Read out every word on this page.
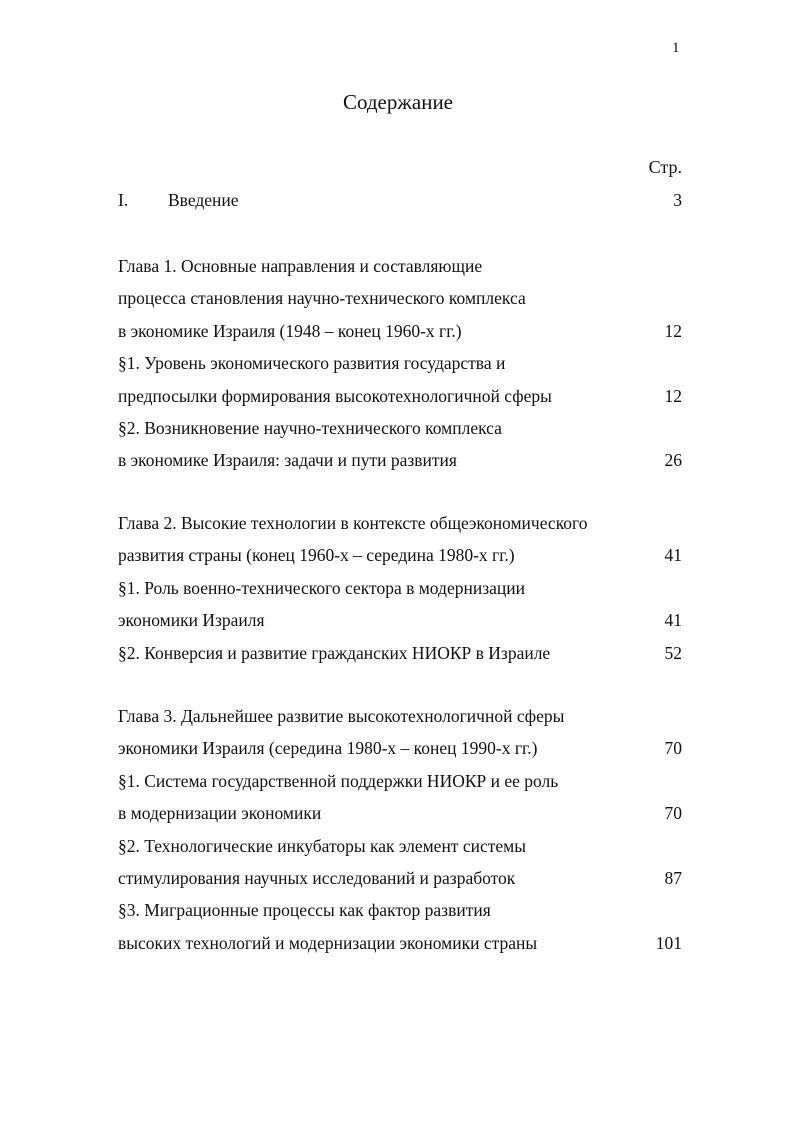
1
Содержание
Стр.
I. Введение	3
Глава 1. Основные направления и составляющие
процесса становления научно-технического комплекса
в экономике Израиля (1948 – конец 1960-х гг.)	12
§1. Уровень экономического развития государства и
предпосылки формирования высокотехнологичной сферы	12
§2. Возникновение научно-технического комплекса
в экономике Израиля: задачи и пути развития	26
Глава 2. Высокие технологии в контексте общеэкономического
развития страны (конец 1960-х – середина 1980-х гг.)	41
§1. Роль военно-технического сектора в модернизации
экономики Израиля	41
§2. Конверсия и развитие гражданских НИОКР в Израиле	52
Глава 3. Дальнейшее развитие высокотехнологичной сферы
экономики Израиля (середина 1980-х – конец 1990-х гг.)	70
§1. Система государственной поддержки НИОКР и ее роль
в модернизации экономики	70
§2. Технологические инкубаторы как элемент системы
стимулирования научных исследований и разработок	87
§3. Миграционные процессы как фактор развития
высоких технологий и модернизации экономики страны	101
